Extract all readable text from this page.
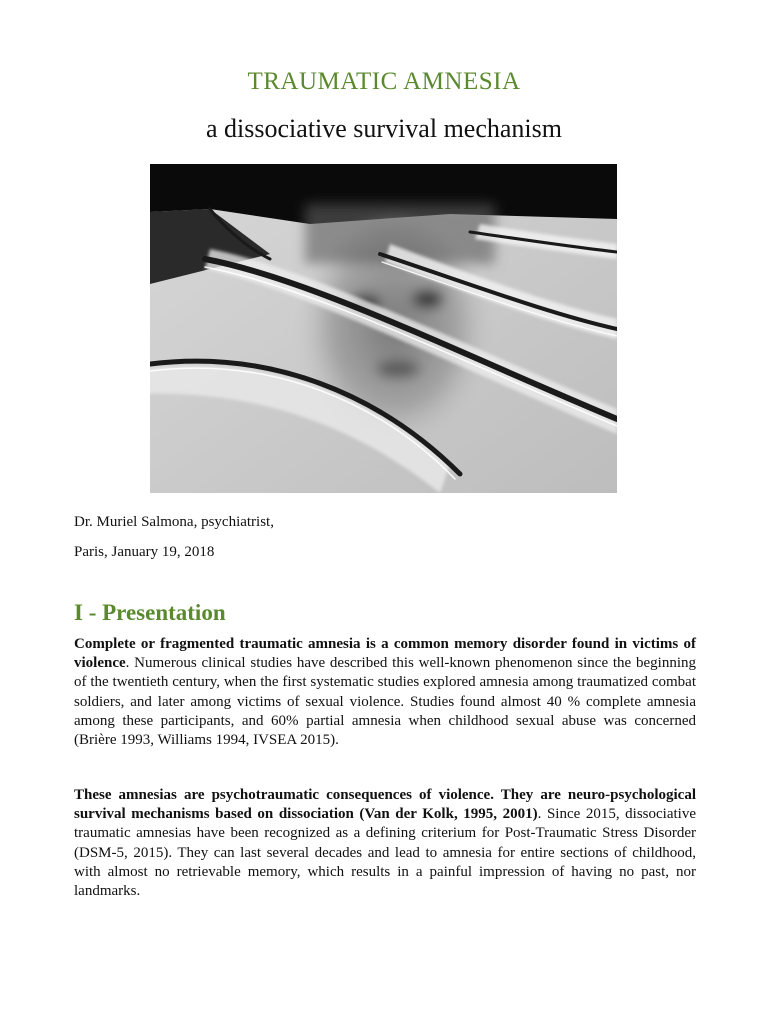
TRAUMATIC AMNESIA
a dissociative survival mechanism
Dr. Muriel Salmona, psychiatrist,
Paris, January 19, 2018
I - Presentation

Complete or fragmented traumatic amnesia is a common memory disorder found in victims of violence. Numerous clinical studies have described this well-known phenomenon since the beginning of the twentieth century, when the first systematic studies explored amnesia among traumatized combat soldiers, and later among victims of sexual violence. Studies found almost 40 % complete amnesia among these participants, and 60% partial amnesia when childhood sexual abuse was concerned (Brière 1993, Williams 1994, IVSEA 2015).

These amnesias are psychotraumatic consequences of violence. They are neuro-psychological survival mechanisms based on dissociation (Van der Kolk, 1995, 2001). Since 2015, dissociative traumatic amnesias have been recognized as a defining criterium for Post-Traumatic Stress Disorder (DSM-5, 2015). They can last several decades and lead to amnesia for entire sections of childhood, with almost no retrievable memory, which results in a painful impression of having no past, nor landmarks.
